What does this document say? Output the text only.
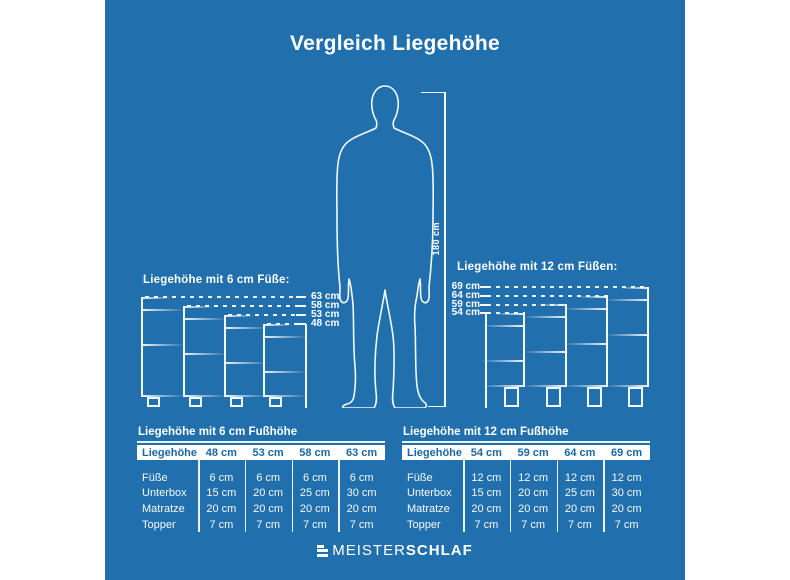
Vergleich Liegehöhe
180 cm
Liegehöhe mit 6 cm Füße:
63 cm
58 cm
53 cm
48 cm
Liegehöhe mit 12 cm Füßen:
69 cm
64 cm
59 cm
54 cm
Liegehöhe mit 6 cm Fußhöhe
Liegehöhe 48 cm	53 cm	58 cm	63 cm
Füße	6 cm	6 cm	6 cm	6 cm
Unterbox	15 cm	20 cm	25 cm	30 cm
Matratze	20 cm	20 cm	20 cm	20 cm
Topper	7 cm	7 cm	7 cm	7 cm
Liegehöhe mit 12 cm Fußhöhe
Liegehöhe 54 cm	59 cm	64 cm	69 cm
Füße	12 cm	12 cm	12 cm	12 cm
Unterbox	15 cm	20 cm	25 cm	30 cm
Matratze	20 cm	20 cm	20 cm	20 cm
Topper	7 cm	7 cm	7 cm	7 cm
MEISTER SCHLAF
